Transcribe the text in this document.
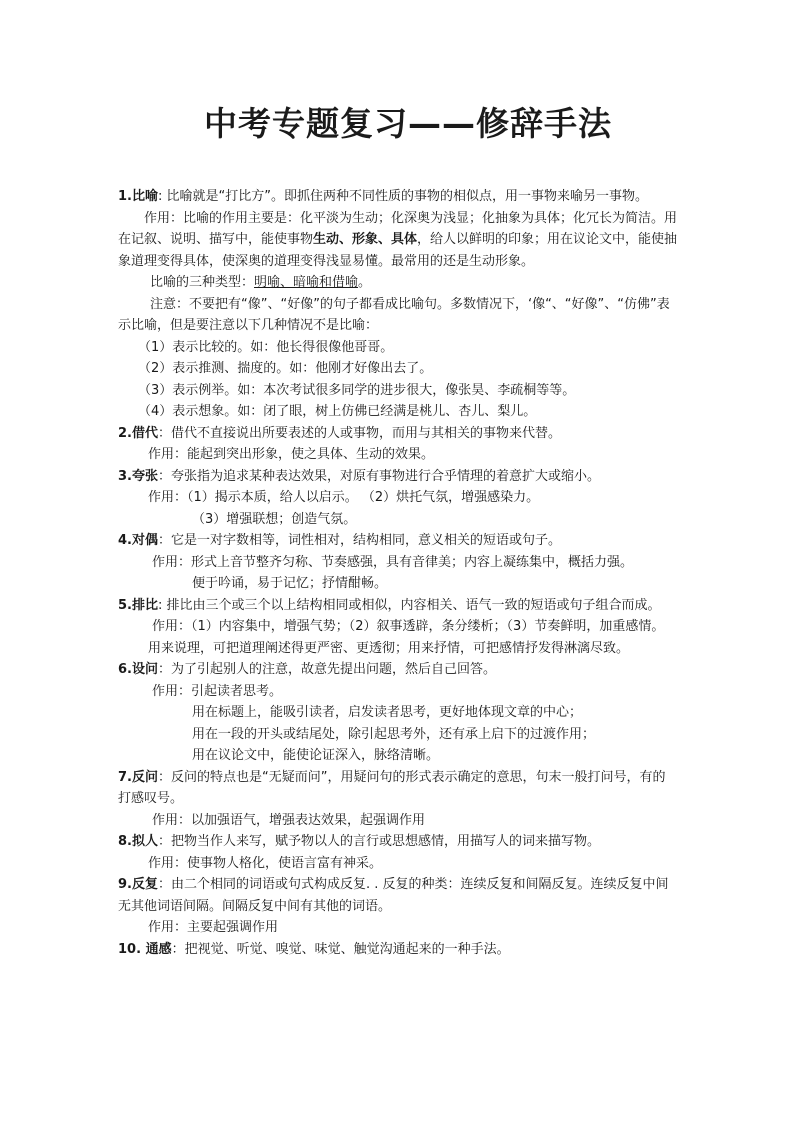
中考专题复习——修辞手法
1.比喻: 比喻就是“打比方”。即抓住两种不同性质的事物的相似点，用一事物来喻另一事物。
作用：比喻的作用主要是：化平淡为生动；化深奥为浅显；化抽象为具体；化冗长为简洁。用在记叙、说明、描写中，能使事物生动、形象、具体，给人以鲜明的印象；用在议论文中，能使抽象道理变得具体，使深奥的道理变得浅显易懂。最常用的还是生动形象。
比喻的三种类型：明喻、暗喻和借喻。
注意：不要把有“像”、“好像”的句子都看成比喻句。多数情况下，‘像“、“好像”、“仿佛”表示比喻，但是要注意以下几种情况不是比喻：
（1）表示比较的。如：他长得很像他哥哥。
（2）表示推测、揣度的。如：他刚才好像出去了。
（3）表示例举。如：本次考试很多同学的进步很大，像张昊、李疏桐等等。
（4）表示想象。如：闭了眼，树上仿佛已经满是桃儿、杏儿、梨儿。
2.借代：借代不直接说出所要表述的人或事物，而用与其相关的事物来代替。
作用：能起到突出形象，使之具体、生动的效果。
3.夸张：夸张指为追求某种表达效果，对原有事物进行合乎情理的着意扩大或缩小。
作用：（1）揭示本质，给人以启示。 （2）烘托气氛，增强感染力。
（3）增强联想；创造气氛。
4.对偶：它是一对字数相等，词性相对，结构相同，意义相关的短语或句子。
作用：形式上音节整齐匀称、节奏感强，具有音律美；内容上凝练集中，概括力强。
便于吟诵，易于记忆；抒情酣畅。
5.排比: 排比由三个或三个以上结构相同或相似，内容相关、语气一致的短语或句子组合而成。
作用：（1）内容集中，增强气势；（2）叙事透辟，条分缕析；（3）节奏鲜明，加重感情。
用来说理，可把道理阐述得更严密、更透彻；用来抒情，可把感情抒发得淋漓尽致。
6.设问：为了引起别人的注意，故意先提出问题，然后自己回答。
作用：引起读者思考。
用在标题上，能吸引读者，启发读者思考，更好地体现文章的中心；
用在一段的开头或结尾处，除引起思考外，还有承上启下的过渡作用；
用在议论文中，能使论证深入，脉络清晰。
7.反问：反问的特点也是“无疑而问”，用疑问句的形式表示确定的意思，句末一般打问号，有的打感叹号。
作用：以加强语气，增强表达效果，起强调作用
8.拟人：把物当作人来写，赋予物以人的言行或思想感情，用描写人的词来描写物。
作用：使事物人格化，使语言富有神采。
9.反复：由二个相同的词语或句式构成反复. . 反复的种类：连续反复和间隔反复。连续反复中间无其他词语间隔。间隔反复中间有其他的词语。
作用：主要起强调作用
10. 通感：把视觉、听觉、嗅觉、味觉、触觉沟通起来的一种手法。
